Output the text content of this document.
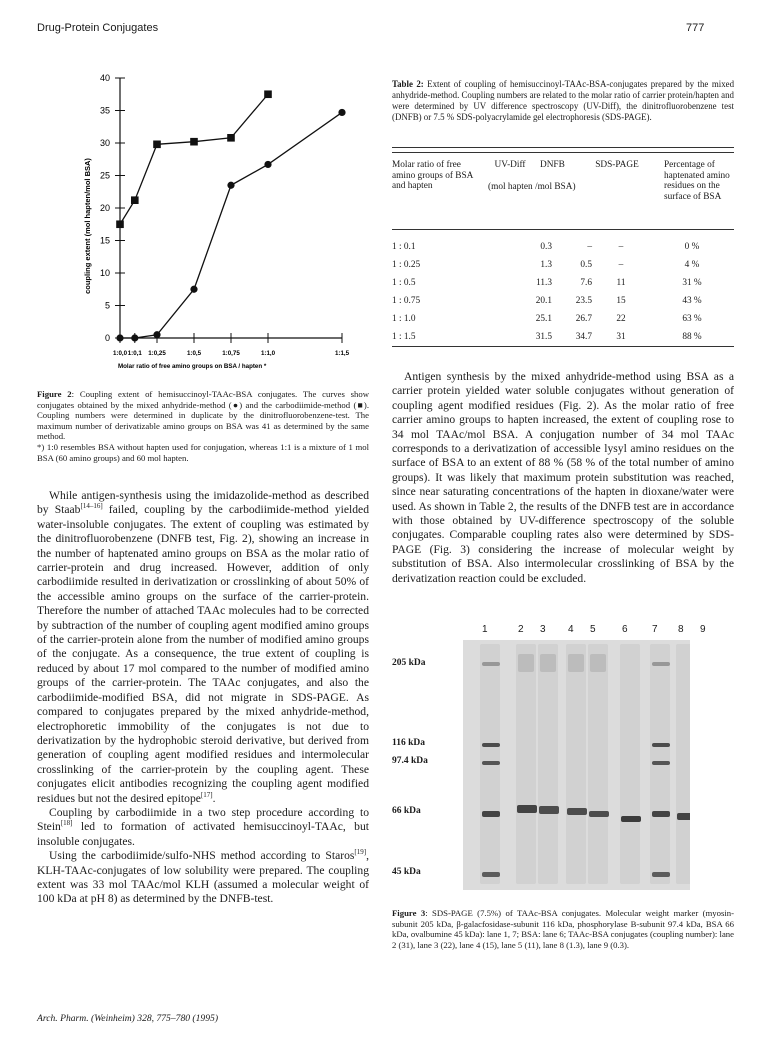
Drug-Protein Conjugates	777
0
5
10
15
20
25
30
35
40
1:0,0 1:0,1 1:0,25	1:0,5	1:0,75	1:1,0	1:1,5
coupling extent (mol hapten/mol BSA)
Molar ratio of free amino groups on BSA / hapten *
Figure 2: Coupling extent of hemisuccinoyl-TAAc-BSA conjugates. The curves show conjugates obtained by the mixed anhydride-method (●) and the carbodiimide-method (■). Coupling numbers were determined in duplicate by the dinitrofluorobenzene-test. The maximum number of derivatizable amino groups on BSA was 41 as determined by the same method.
*) 1:0 resembles BSA without hapten used for conjugation, whereas 1:1 is a mixture of 1 mol BSA (60 amino groups) and 60 mol hapten.

While antigen-synthesis using the imidazolide-method as described by Staab[14–16] failed, coupling by the carbodiimide-method yielded water-insoluble conjugates. The extent of coupling was estimated by the dinitrofluorobenzene (DNFB test, Fig. 2), showing an increase in the number of haptenated amino groups on BSA as the molar ratio of carrier-protein and drug increased. However, addition of only carbodiimide resulted in derivatization or crosslinking of about 50% of the accessible amino groups on the surface of the carrier-protein. Therefore the number of attached TAAc molecules had to be corrected by subtraction of the number of coupling agent modified amino groups of the carrier-protein alone from the number of modified amino groups of the conjugate. As a consequence, the true extent of coupling is reduced by about 17 mol compared to the number of modified amino groups of the carrier-protein. The TAAc conjugates, and also the carbodiimide-modified BSA, did not migrate in SDS-PAGE. As compared to conjugates prepared by the mixed anhydride-method, electrophoretic immobility of the conjugates is not due to derivatization by the hydrophobic steroid derivative, but derived from generation of coupling agent modified residues and intermolecular crosslinking of the carrier-protein by the coupling agent. These conjugates elicit antibodies recognizing the coupling agent modified residues but not the desired epitope[17].

Coupling by carbodiimide in a two step procedure according to Stein[18] led to formation of activated hemisuccinoyl-TAAc, but insoluble conjugates.

Using the carbodiimide/sulfo-NHS method according to Staros[19], KLH-TAAc-conjugates of low solubility were prepared. The coupling extent was 33 mol TAAc/mol KLH (assumed a molecular weight of 100 kDa at pH 8) as determined by the DNFB-test.

Table 2: Extent of coupling of hemisuccinoyl-TAAc-BSA-conjugates prepared by the mixed anhydride-method. Coupling numbers are related to the molar ratio of carrier protein/hapten and were determined by UV difference spectroscopy (UV-Diff), the dinitrofluorobenzene test (DNFB) or 7.5 % SDS-polyacrylamide gel electrophoresis (SDS-PAGE).
Molar ratio of free amino groups of BSA and hapten	
UV-Diff	DNFB	SDS-PAGE
(mol hapten /mol BSA)
	Percentage of haptenated amino residues on the surface of BSA
1 : 0.1	0.3	–	–	0 %
1 : 0.25	1.3	0.5	–	4 %
1 : 0.5	11.3	7.6	11	31 %
1 : 0.75	20.1	23.5	15	43 %
1 : 1.0	25.1	26.7	22	63 %
1 : 1.5	31.5	34.7	31	88 %
Antigen synthesis by the mixed anhydride-method using BSA as a carrier protein yielded water soluble conjugates without generation of coupling agent modified residues (Fig. 2). As the molar ratio of free carrier amino groups to hapten increased, the extent of coupling rose to 34 mol TAAc/mol BSA. A conjugation number of 34 mol TAAc corresponds to a derivatization of accessible lysyl amino residues on the surface of BSA to an extent of 88 % (58 % of the total number of amino groups). It was likely that maximum protein substitution was reached, since near saturating concentrations of the hapten in dioxane/water were used. As shown in Table 2, the results of the DNFB test are in accordance with those obtained by UV-difference spectroscopy of the soluble conjugates. Comparable coupling rates also were determined by SDS-PAGE (Fig. 3) considering the increase of molecular weight by substitution of BSA. Also intermolecular crosslinking of BSA by the derivatization reaction could be excluded.
1	2 3 4 5	6 7 8 9
205 kDa
116 kDa
97.4 kDa
66 kDa
45 kDa
Figure 3: SDS-PAGE (7.5%) of TAAc-BSA conjugates. Molecular weight marker (myosin-subunit 205 kDa, β-galacfosidase-subunit 116 kDa, phosphorylase B-subunit 97.4 kDa, BSA 66 kDa, ovalbumine 45 kDa): lane 1, 7; BSA: lane 6; TAAc-BSA conjugates (coupling number): lane 2 (31), lane 3 (22), lane 4 (15), lane 5 (11), lane 8 (1.3), lane 9 (0.3).
Arch. Pharm. (Weinheim) 328, 775–780 (1995)
